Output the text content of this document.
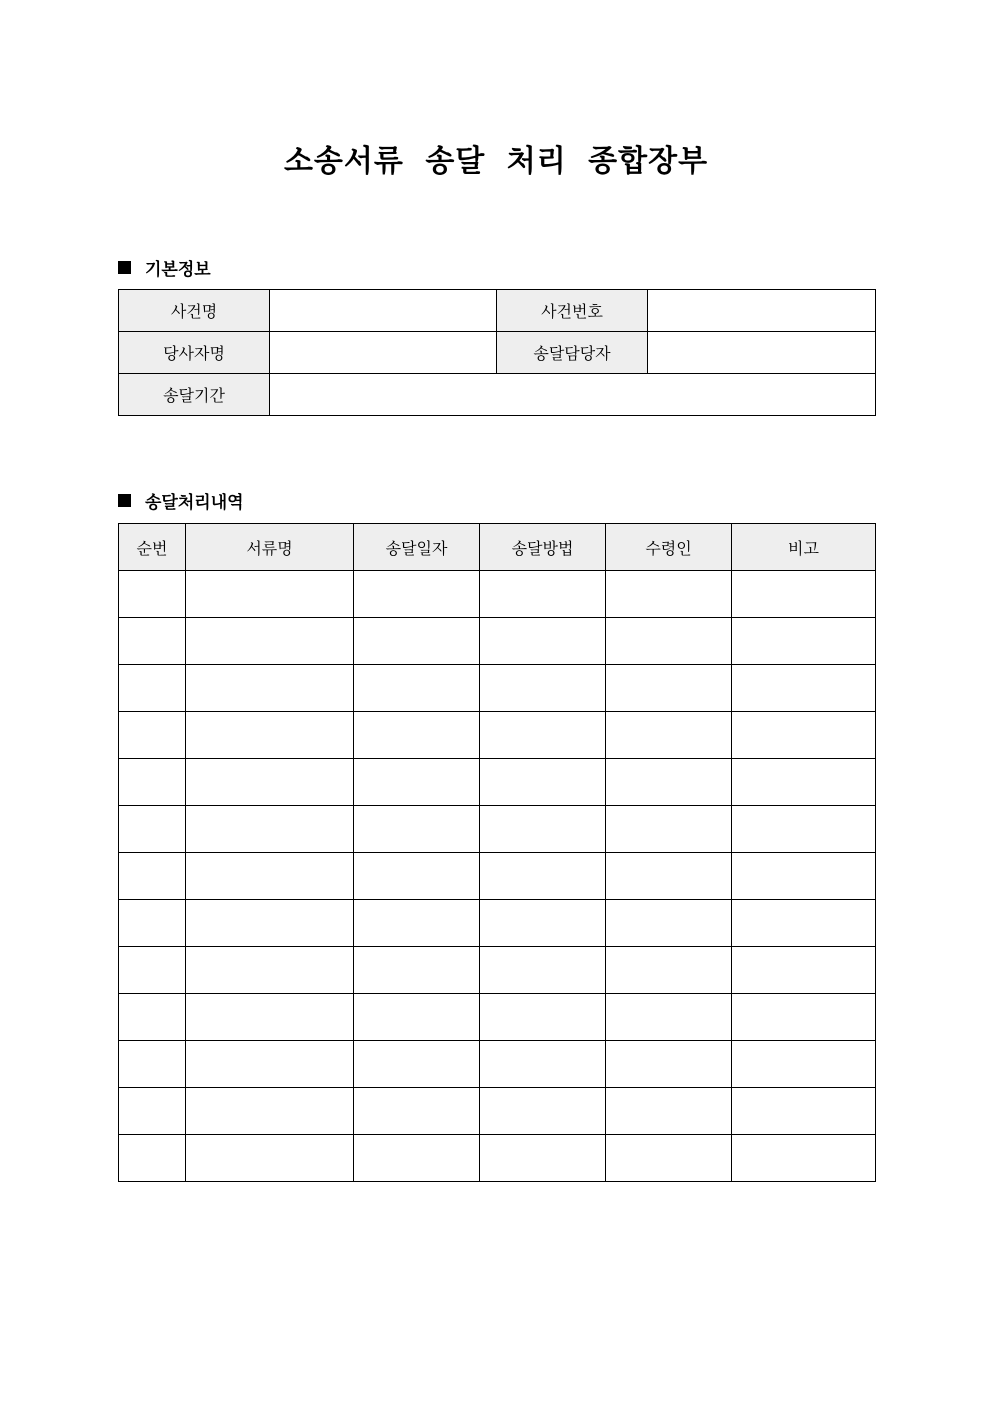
소송서류 송달 처리 종합장부
기본정보
사건명		사건번호	
당사자명		송달담당자	
송달기간			
송달처리내역
순번	서류명	송달일자	송달방법	수령인	비고
